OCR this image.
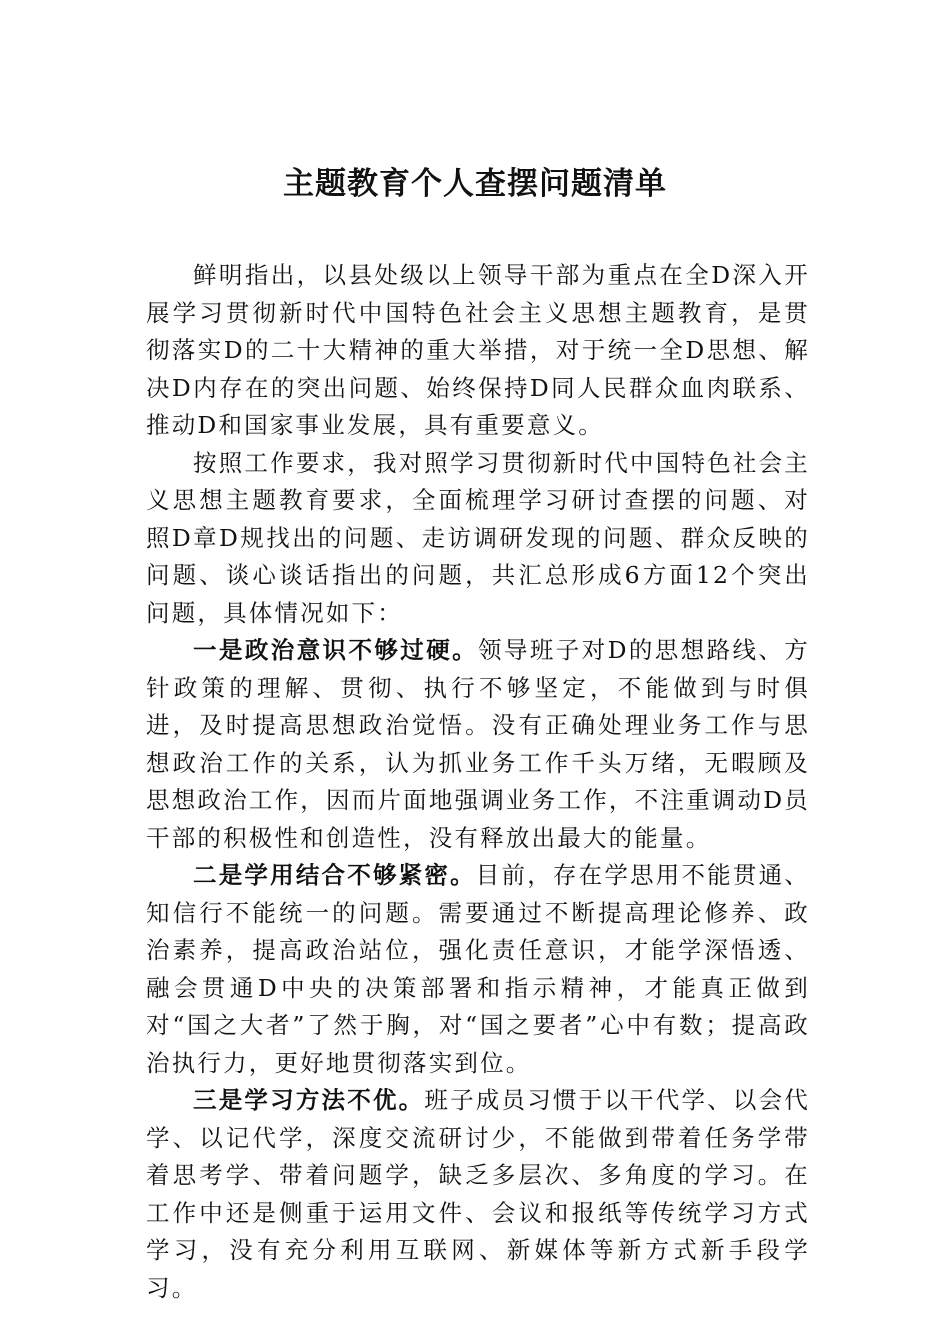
主题教育个人查摆问题清单

鲜明指出，以县处级以上领导干部为重点在全D深入开展学习贯彻新时代中国特色社会主义思想主题教育，是贯彻落实D的二十大精神的重大举措，对于统一全D思想、解决D内存在的突出问题、始终保持D同人民群众血肉联系、推动D和国家事业发展，具有重要意义。

按照工作要求，我对照学习贯彻新时代中国特色社会主义思想主题教育要求，全面梳理学习研讨查摆的问题、对照D章D规找出的问题、走访调研发现的问题、群众反映的问题、谈心谈话指出的问题，共汇总形成6方面12个突出问题，具体情况如下：

一是政治意识不够过硬。领导班子对D的思想路线、方针政策的理解、贯彻、执行不够坚定，不能做到与时俱进，及时提高思想政治觉悟。没有正确处理业务工作与思想政治工作的关系，认为抓业务工作千头万绪，无暇顾及思想政治工作，因而片面地强调业务工作，不注重调动D员干部的积极性和创造性，没有释放出最大的能量。

二是学用结合不够紧密。目前，存在学思用不能贯通、知信行不能统一的问题。需要通过不断提高理论修养、政治素养，提高政治站位，强化责任意识，才能学深悟透、融会贯通D中央的决策部署和指示精神，才能真正做到对“国之大者”了然于胸，对“国之要者”心中有数；提高政治执行力，更好地贯彻落实到位。

三是学习方法不优。班子成员习惯于以干代学、以会代学、以记代学，深度交流研讨少，不能做到带着任务学带着思考学、带着问题学，缺乏多层次、多角度的学习。在工作中还是侧重于运用文件、会议和报纸等传统学习方式学习，没有充分利用互联网、新媒体等新方式新手段学习。
